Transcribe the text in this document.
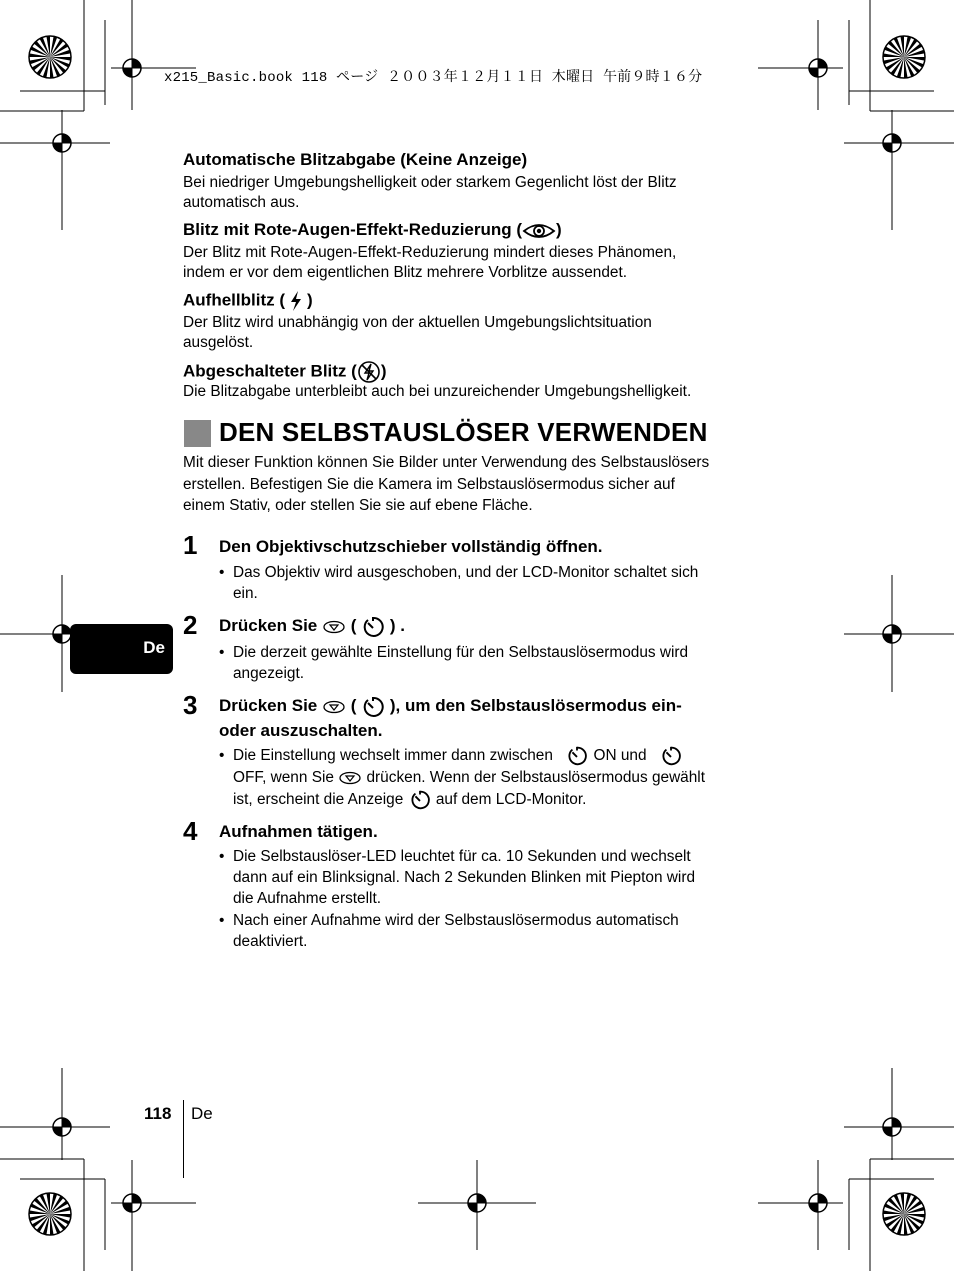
x215_Basic.book 118 ページ ２００３年１２月１１日 木曜日 午前９時１６分
Automatische Blitzabgabe (Keine Anzeige)
Bei niedriger Umgebungshelligkeit oder starkem Gegenlicht löst der Blitz
automatisch aus.
Blitz mit Rote-Augen-Effekt-Reduzierung ( )
Der Blitz mit Rote-Augen-Effekt-Reduzierung mindert dieses Phänomen,
indem er vor dem eigentlichen Blitz mehrere Vorblitze aussendet.
Aufhellblitz ( )
Der Blitz wird unabhängig von der aktuellen Umgebungslichtsituation
ausgelöst.
Abgeschalteter Blitz ( )
Die Blitzabgabe unterbleibt auch bei unzureichender Umgebungshelligkeit.
DEN SELBSTAUSLÖSER VERWENDEN
Mit dieser Funktion können Sie Bilder unter Verwendung des Selbstauslösers
erstellen. Befestigen Sie die Kamera im Selbstauslösermodus sicher auf
einem Stativ, oder stellen Sie sie auf ebene Fläche.
1 Den Objektivschutzschieber vollständig öffnen.
• Das Objektiv wird ausgeschoben, und der LCD-Monitor schaltet sich
ein.
2 Drücken Sie ( ) .
• Die derzeit gewählte Einstellung für den Selbstauslösermodus wird
angezeigt.
3 Drücken Sie ( ), um den Selbstauslösermodus ein-
oder auszuschalten.
• Die Einstellung wechselt immer dann zwischen	ON und
OFF, wenn Sie drücken. Wenn der Selbstauslösermodus gewählt
ist, erscheint die Anzeige auf dem LCD-Monitor.
4 Aufnahmen tätigen.
• Die Selbstauslöser-LED leuchtet für ca. 10 Sekunden und wechselt
dann auf ein Blinksignal. Nach 2 Sekunden Blinken mit Piepton wird
die Aufnahme erstellt.
• Nach einer Aufnahme wird der Selbstauslösermodus automatisch
deaktiviert.
De
118 De
